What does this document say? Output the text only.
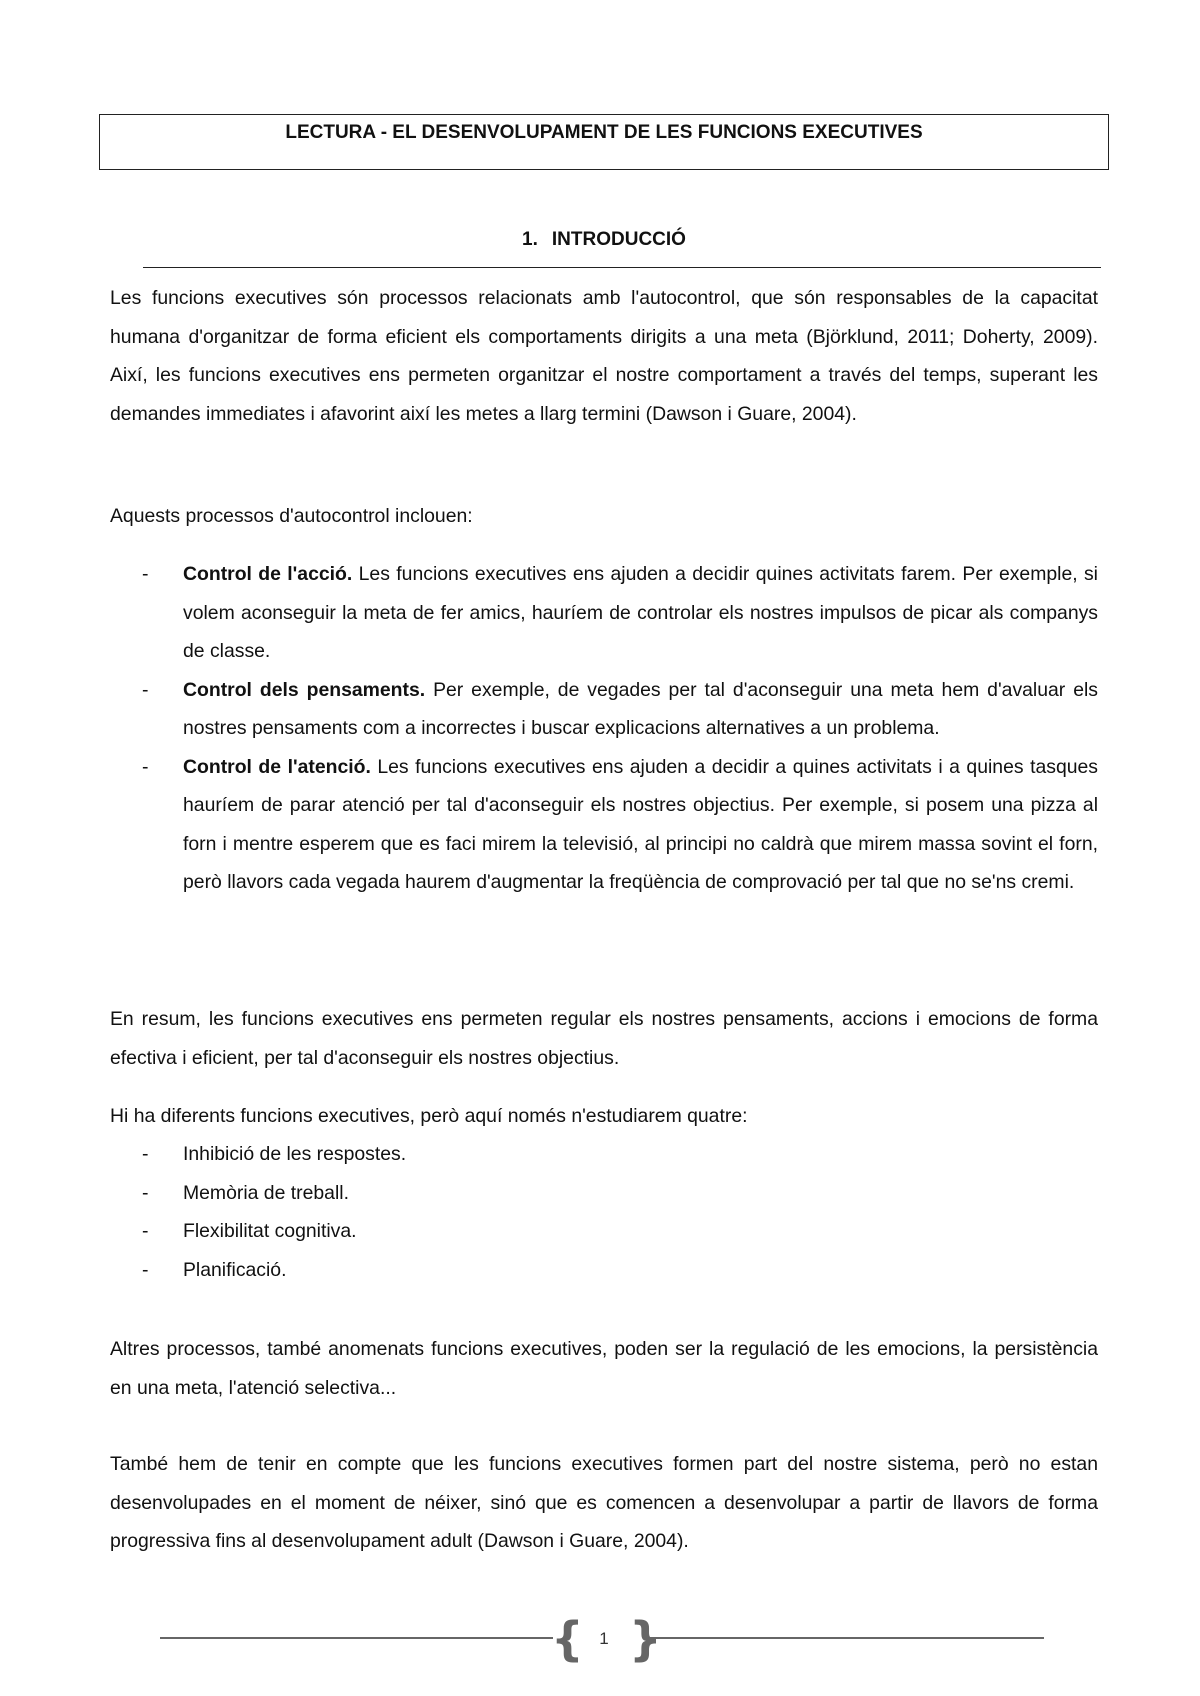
LECTURA - EL DESENVOLUPAMENT DE LES FUNCIONS EXECUTIVES
1. INTRODUCCIÓ

Les funcions executives són processos relacionats amb l'autocontrol, que són responsables de la capacitat humana d'organitzar de forma eficient els comportaments dirigits a una meta (Björklund, 2011; Doherty, 2009). Així, les funcions executives ens permeten organitzar el nostre comportament a través del temps, superant les demandes immediates i afavorint així les metes a llarg termini (Dawson i Guare, 2004).

Aquests processos d'autocontrol inclouen:

-	Control de l'acció. Les funcions executives ens ajuden a decidir quines activitats farem. Per exemple, si volem aconseguir la meta de fer amics, hauríem de controlar els nostres impulsos de picar als companys de classe.
-	Control dels pensaments. Per exemple, de vegades per tal d'aconseguir una meta hem d'avaluar els nostres pensaments com a incorrectes i buscar explicacions alternatives a un problema.
-	Control de l'atenció. Les funcions executives ens ajuden a decidir a quines activitats i a quines tasques hauríem de parar atenció per tal d'aconseguir els nostres objectius. Per exemple, si posem una pizza al forn i mentre esperem que es faci mirem la televisió, al principi no caldrà que mirem massa sovint el forn, però llavors cada vegada haurem d'augmentar la freqüència de comprovació per tal que no se'ns cremi.

En resum, les funcions executives ens permeten regular els nostres pensaments, accions i emocions de forma efectiva i eficient, per tal d'aconseguir els nostres objectius.

Hi ha diferents funcions executives, però aquí només n'estudiarem quatre:

-	Inhibició de les respostes.
-	Memòria de treball.
-	Flexibilitat cognitiva.
-	Planificació.

Altres processos, també anomenats funcions executives, poden ser la regulació de les emocions, la persistència en una meta, l'atenció selectiva...

També hem de tenir en compte que les funcions executives formen part del nostre sistema, però no estan desenvolupades en el moment de néixer, sinó que es comencen a desenvolupar a partir de llavors de forma progressiva fins al desenvolupament adult (Dawson i Guare, 2004).

{ 1 }
